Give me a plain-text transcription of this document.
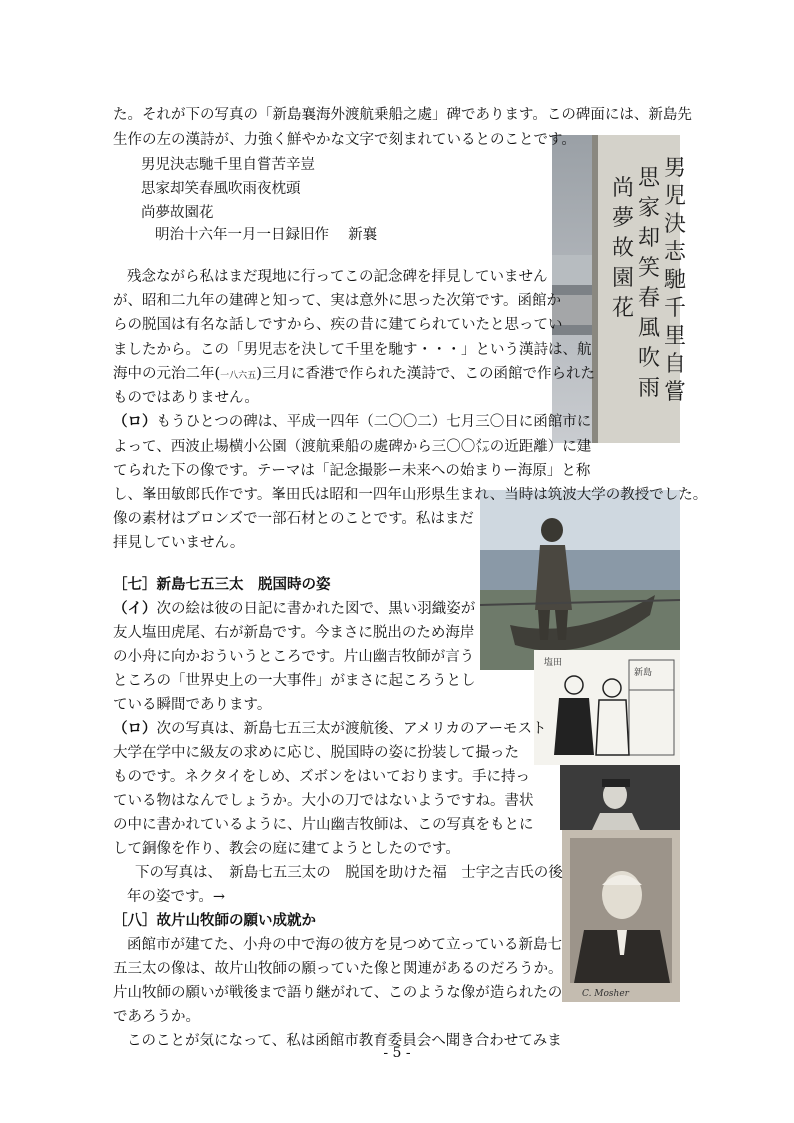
男
児
決
志
馳
千
里
自
嘗
思
家
却
笑
春
風
吹
雨
尚
夢
故
園
花
塩田
新島
C. Mosher
た。それが下の写真の「新島襄海外渡航乗船之處」碑であります。この碑面には、新島先
生作の左の漢詩が、力強く鮮やかな文字で刻まれているとのことです。
男児決志馳千里自嘗苦辛豈
思家却笑春風吹雨夜枕頭
尚夢故園花
明治十六年一月一日録旧作　 新襄
残念ながら私はまだ現地に行ってこの記念碑を拝見していません
が、昭和二九年の建碑と知って、実は意外に思った次第です。函館か
らの脱国は有名な話しですから、疾の昔に建てられていたと思ってい
ましたから。この「男児志を決して千里を馳す・・・」という漢詩は、航
海中の元治二年(一八六五)三月に香港で作られた漢詩で、この函館で作られた
ものではありません。
（ロ）もうひとつの碑は、平成一四年（二〇〇二）七月三〇日に函館市に
よって、西波止場横小公園（渡航乗船の處碑から三〇〇㍍の近距離）に建
てられた下の像です。テーマは「記念撮影ー未来への始まりー海原」と称
し、峯田敏郎氏作です。峯田氏は昭和一四年山形県生まれ、当時は筑波大学の教授でした。
像の素材はブロンズで一部石材とのことです。私はまだ
拝見していません。
［七］新島七五三太　脱国時の姿
（イ）次の絵は彼の日記に書かれた図で、黒い羽織姿が
友人塩田虎尾、右が新島です。今まさに脱出のため海岸
の小舟に向かおういうところです。片山幽吉牧師が言う
ところの「世界史上の一大事件」がまさに起ころうとし
ている瞬間であります。
（ロ）次の写真は、新島七五三太が渡航後、アメリカのアーモスト
大学在学中に級友の求めに応じ、脱国時の姿に扮装して撮った
ものです。ネクタイをしめ、ズボンをはいております。手に持っ
ている物はなんでしょうか。大小の刀ではないようですね。書状
の中に書かれているように、片山幽吉牧師は、この写真をもとに
して銅像を作り、教会の庭に建てようとしたのです。
下の写真は、　新島七五三太の　脱国を助けた福　士宇之吉氏の後
年の姿です。→
［八］故片山牧師の願い成就か
函館市が建てた、小舟の中で海の彼方を見つめて立っている新島七
五三太の像は、故片山牧師の願っていた像と関連があるのだろうか。
片山牧師の願いが戦後まで語り継がれて、このような像が造られたの
であろうか。
このことが気になって、私は函館市教育委員会へ聞き合わせてみま
- 5 -
